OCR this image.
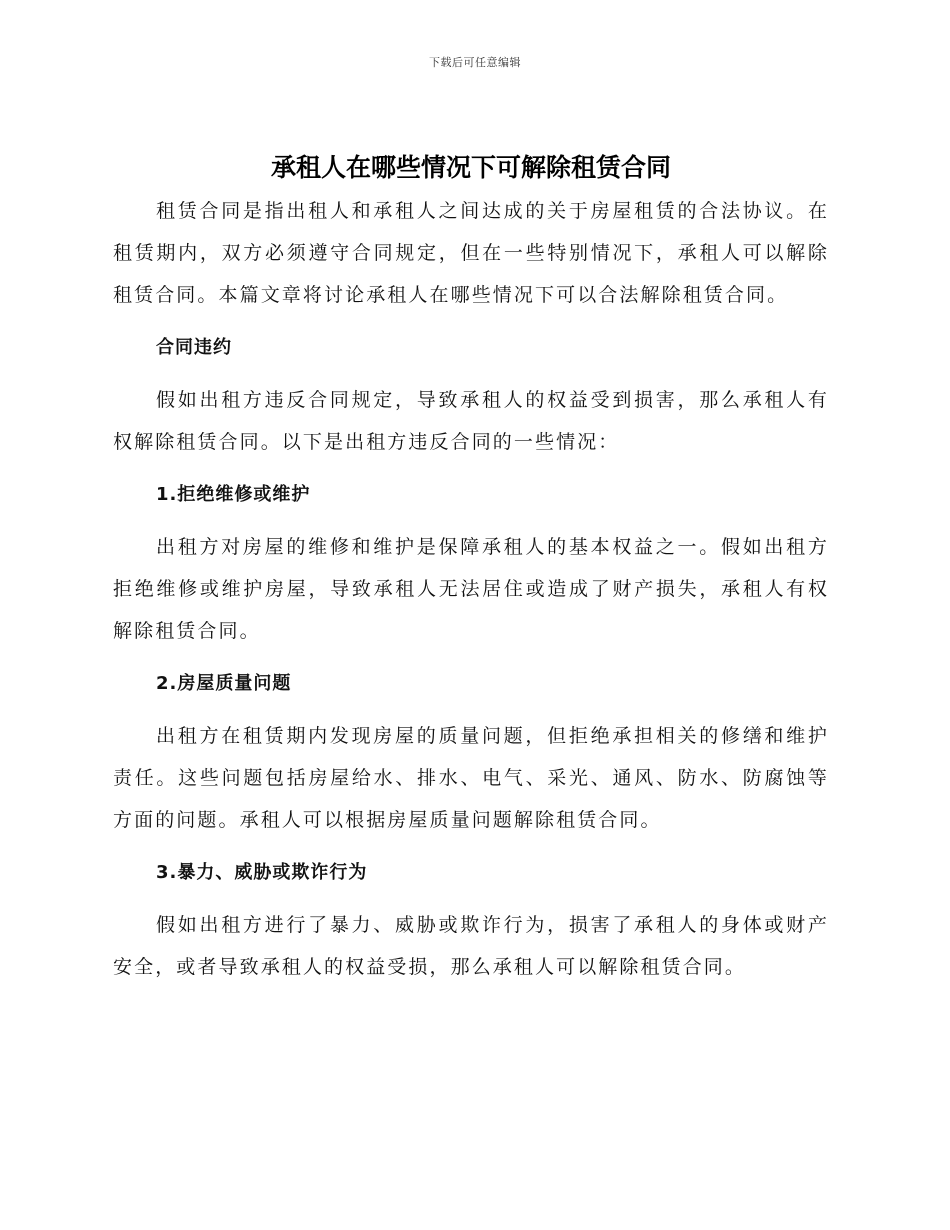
下载后可任意编辑
承租人在哪些情况下可解除租赁合同

租赁合同是指出租人和承租人之间达成的关于房屋租赁的合法协议。在租赁期内，双方必须遵守合同规定，但在一些特别情况下，承租人可以解除租赁合同。本篇文章将讨论承租人在哪些情况下可以合法解除租赁合同。

合同违约

假如出租方违反合同规定，导致承租人的权益受到损害，那么承租人有权解除租赁合同。以下是出租方违反合同的一些情况：

1.拒绝维修或维护

出租方对房屋的维修和维护是保障承租人的基本权益之一。假如出租方拒绝维修或维护房屋，导致承租人无法居住或造成了财产损失，承租人有权解除租赁合同。

2.房屋质量问题

出租方在租赁期内发现房屋的质量问题，但拒绝承担相关的修缮和维护责任。这些问题包括房屋给水、排水、电气、采光、通风、防水、防腐蚀等方面的问题。承租人可以根据房屋质量问题解除租赁合同。

3.暴力、威胁或欺诈行为

假如出租方进行了暴力、威胁或欺诈行为，损害了承租人的身体或财产安全，或者导致承租人的权益受损，那么承租人可以解除租赁合同。
